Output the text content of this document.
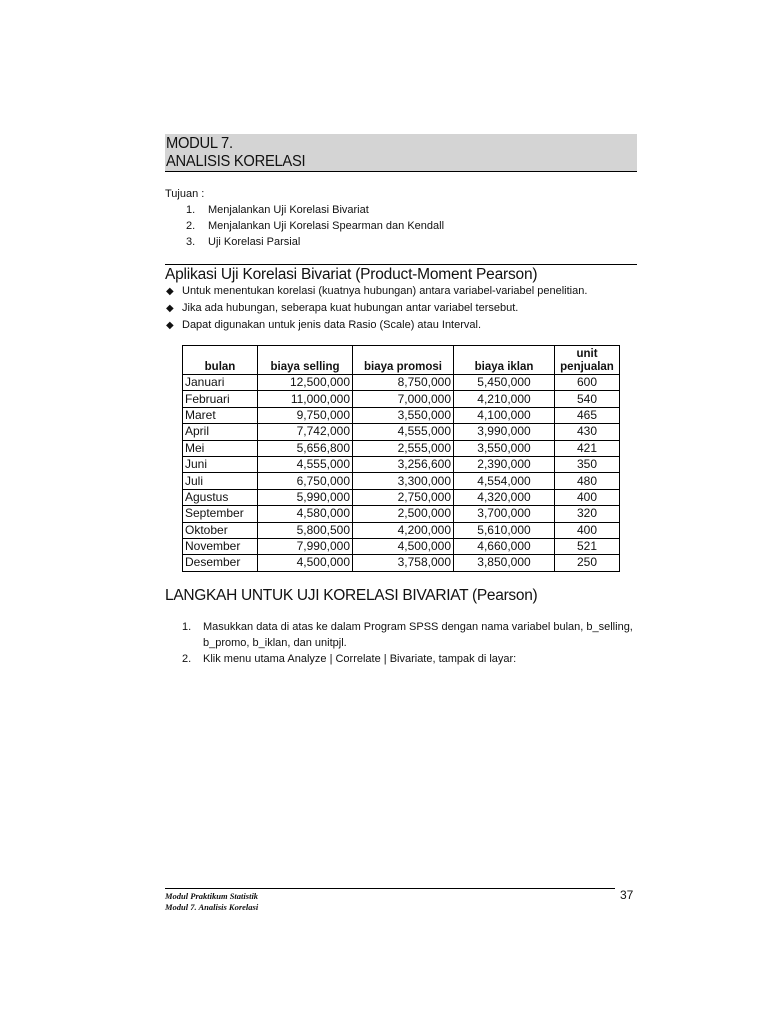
MODUL 7.
ANALISIS KORELASI
Tujuan :
1. Menjalankan Uji Korelasi Bivariat
2. Menjalankan Uji Korelasi Spearman dan Kendall
3. Uji Korelasi Parsial
Aplikasi Uji Korelasi Bivariat (Product-Moment Pearson)
◆ Untuk menentukan korelasi (kuatnya hubungan) antara variabel-variabel penelitian.
◆ Jika ada hubungan, seberapa kuat hubungan antar variabel tersebut.
◆ Dapat digunakan untuk jenis data Rasio (Scale) atau Interval.
bulan	biaya selling	biaya promosi	biaya iklan	unit
penjualan
Januari	12,500,000	8,750,000	5,450,000	600
Februari	11,000,000	7,000,000	4,210,000	540
Maret	9,750,000	3,550,000	4,100,000	465
April	7,742,000	4,555,000	3,990,000	430
Mei	5,656,800	2,555,000	3,550,000	421
Juni	4,555,000	3,256,600	2,390,000	350
Juli	6,750,000	3,300,000	4,554,000	480
Agustus	5,990,000	2,750,000	4,320,000	400
September	4,580,000	2,500,000	3,700,000	320
Oktober	5,800,500	4,200,000	5,610,000	400
November	7,990,000	4,500,000	4,660,000	521
Desember	4,500,000	3,758,000	3,850,000	250
LANGKAH UNTUK UJI KORELASI BIVARIAT (Pearson)
1. Masukkan data di atas ke dalam Program SPSS dengan nama variabel bulan, b_selling, b_promo, b_iklan, dan unitpjl.
2. Klik menu utama Analyze | Correlate | Bivariate, tampak di layar:
Modul Praktikum Statistik
Modul 7. Analisis Korelasi
37
